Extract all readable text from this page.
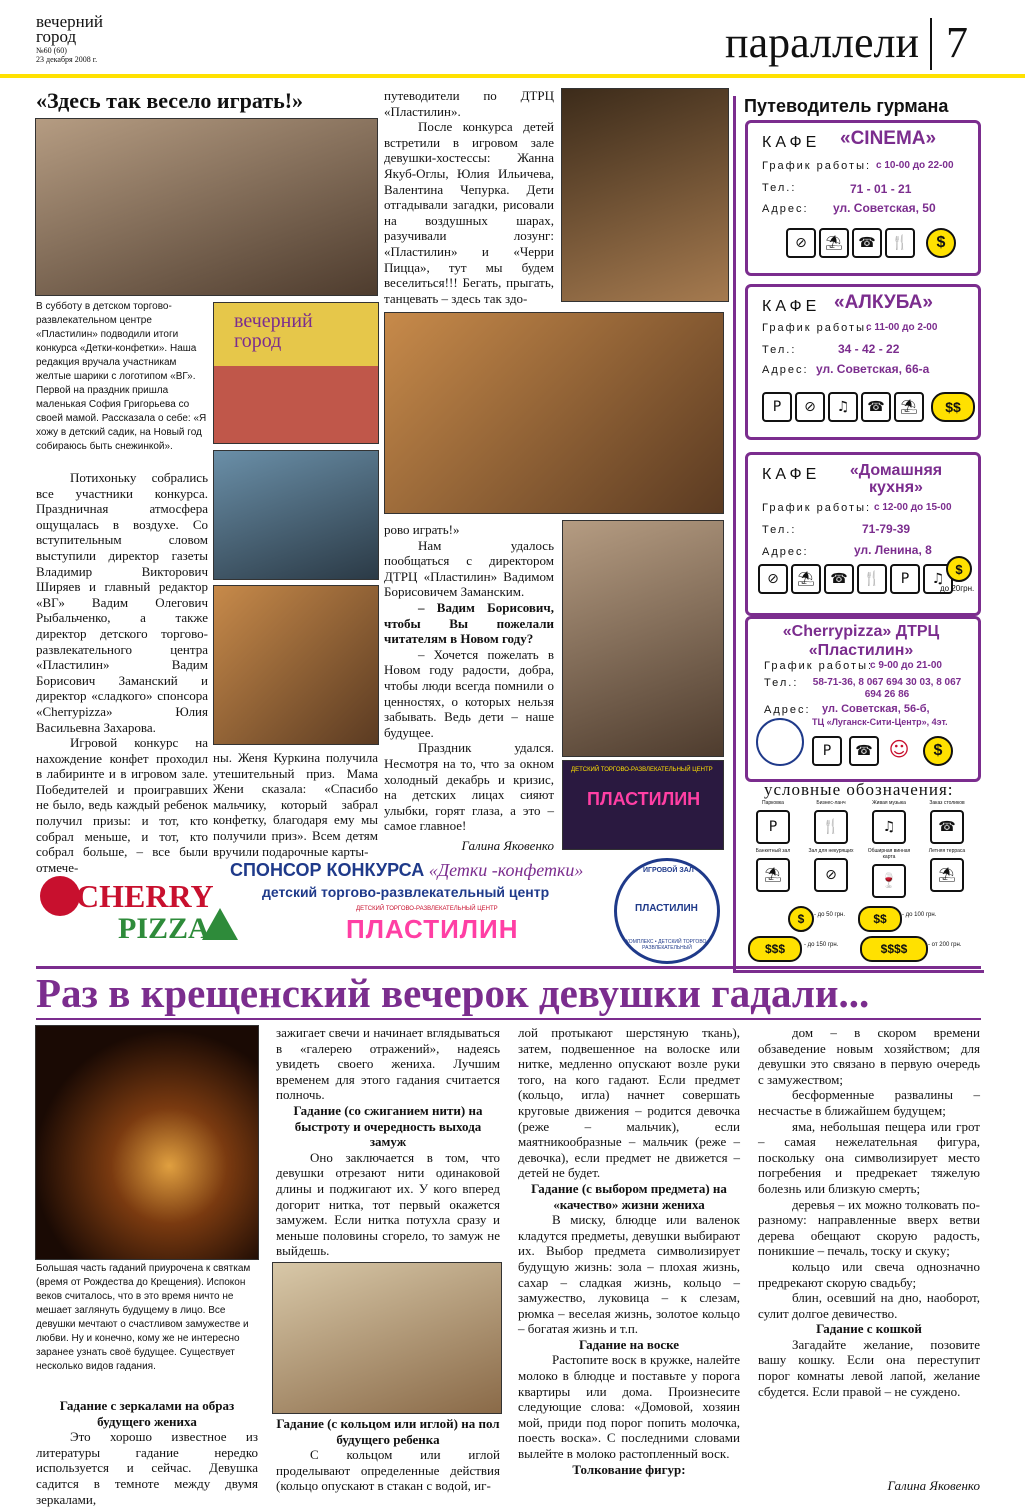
вечерний
город
№60 (60)
23 декабря 2008 г.	параллели 7
«Здесь так весело играть!»
вечерний город
ДЕТСКИЙ ТОРГОВО-РАЗВЛЕКАТЕЛЬНЫЙ ЦЕНТР
ПЛАСТИЛИН
В субботу в детском торгово-развлекательном центре «Пластилин» подводили итоги конкурса «Детки-конфетки». Наша редакция вручала участникам желтые шарики с логотипом «ВГ». Первой на праздник пришла маленькая София Григорьева со своей мамой. Рассказала о себе: «Я хожу в детский садик, на Новый год собираюсь быть снежинкой».

Потихоньку собрались все участники конкурса. Праздничная атмосфера ощущалась в воздухе. Со вступительным словом выступили директор газеты Владимир Викторович Ширяев и главный редактор «ВГ» Вадим Олегович Рыбальченко, а также директор детского торгово-развлекательного центра «Пластилин» Вадим Борисович Заманский и директор «сладкого» спонсора «Cherrypizza» Юлия Васильевна Захарова.

Игровой конкурс на нахождение конфет проходил в лабиринте и в игровом зале. Победителей и проигравших не было, ведь каждый ребенок получил призы: и тот, кто собрал меньше, и тот, кто собрал больше, – все были отмече-

ны. Женя Куркина получила утешительный приз. Мама Жени сказала: «Спасибо мальчику, который забрал конфетку, благодаря ему мы получили приз». Всем детям вручили подарочные карты-

путеводители по ДТРЦ «Пластилин».

После конкурса детей встретили в игровом зале девушки-хостессы: Жанна Якуб-Оглы, Юлия Ильичева, Валентина Чепурка. Дети отгадывали загадки, рисовали на воздушных шарах, разучивали лозунг: «Пластилин» и «Черри Пицца», тут мы будем веселиться!!! Бегать, прыгать, танцевать – здесь так здо-

рово играть!»

Нам удалось пообщаться с директором ДТРЦ «Пластилин» Вадимом Борисовичем Заманским.

– Вадим Борисович, чтобы Вы пожелали читателям в Новом году?

– Хочется пожелать в Новом году радости, добра, чтобы люди всегда помнили о ценностях, о которых нельзя забывать. Ведь дети – наше будущее.

Праздник удался. Несмотря на то, что за окном холодный декабрь и кризис, на детских лицах сияют улыбки, горят глаза, а это – самое главное!

Галина Яковенко
CHERRY
PIZZA
СПОНСОР КОНКУРСА «Детки -конфетки»
детский торгово-развлекательный центр
ДЕТСКИЙ ТОРГОВО-РАЗВЛЕКАТЕЛЬНЫЙ ЦЕНТР
ПЛАСТИЛИН
ИГРОВОЙ ЗАЛ
ПЛАСТИЛИН
КОМПЛЕКС • ДЕТСКИЙ ТОРГОВО-РАЗВЛЕКАТЕЛЬНЫЙ
Путеводитель гурмана
КАФЕ «CINEMA»
График работы: с 10-00 до 22-00
Тел.:	71 - 01 - 21
Адрес: ул. Советская, 50
⊘	⛱	☎	🍴	$
КАФЕ «АЛКУБА»
График работы:
с 11-00 до 2-00
Тел.:	34 - 42 - 22
Адрес: ул. Советская, 66-а
P	⊘	♫	☎	⛱	$$
КАФЕ	«Домашняя кухня»
График работы: с 12-00 до 15-00
Тел.:	71-79-39
Адрес:	ул. Ленина, 8
⊘	⛱	☎	🍴	P	♫
$
до 20грн.
«Cherrypizza» ДТРЦ «Пластилин»
График работы:
с 9-00 до 21-00
Тел.: 58-71-36, 8 067 694 30 03, 8 067 694 26 86
Адрес: ул. Советская, 56-б,
ТЦ «Луганск-Сити-Центр», 4эт.
P	☎ ☺	$
условные обозначения:
Парковка
P
Бизнес-ланч
🍴
Живая музыка
♫
Заказ столиков
☎
Банкетный зал
⛱
Зал для некурящих
⊘
Обширная винная карта
🍷
Летняя терраса
⛱
$	- до 50 грн.	$$	- до 100 грн.
$$$	- до 150 грн.	$$$$	- от 200 грн.
Раз в крещенский вечерок девушки гадали...
Большая часть гаданий приурочена к святкам (время от Рождества до Крещения). Испокон веков считалось, что в это время ничто не мешает заглянуть будущему в лицо. Все девушки мечтают о счастливом замужестве и любви. Ну и конечно, кому же не интересно заранее узнать своё будущее. Существует несколько видов гадания.
Гадание с зеркалами на образ будущего жениха

Это хорошо известное из литературы гадание нередко используется и сейчас. Девушка садится в темноте между двумя зеркалами,

зажигает свечи и начинает вглядываться в «галерею отражений», надеясь увидеть своего жениха. Лучшим временем для этого гадания считается полночь.

Гадание (со сжиганием нити) на быстроту и очередность выхода замуж

Оно заключается в том, что девушки отрезают нити одинаковой длины и поджигают их. У кого вперед догорит нитка, тот первый окажется замужем. Если нитка потухла сразу и меньше половины сгорело, то замуж не выйдешь.

Гадание (с кольцом или иглой) на пол будущего ребенка

С кольцом или иглой проделывают определенные действия (кольцо опускают в стакан с водой, иг-

лой протыкают шерстяную ткань), затем, подвешенное на волоске или нитке, медленно опускают возле руки того, на кого гадают. Если предмет (кольцо, игла) начнет совершать круговые движения – родится девочка (реже – мальчик), если маятникообразные – мальчик (реже – девочка), если предмет не движется – детей не будет.

Гадание (с выбором предмета) на «качество» жизни жениха

В миску, блюдце или валенок кладутся предметы, девушки выбирают их. Выбор предмета символизирует будущую жизнь: зола – плохая жизнь, сахар – сладкая жизнь, кольцо – замужество, луковица – к слезам, рюмка – веселая жизнь, золотое кольцо – богатая жизнь и т.п.

Гадание на воске

Растопите воск в кружке, налейте молоко в блюдце и поставьте у порога квартиры или дома. Произнесите следующие слова: «Домовой, хозяин мой, приди под порог попить молочка, поесть воска». С последними словами вылейте в молоко растопленный воск.

Толкование фигур:

дом – в скором времени обзаведение новым хозяйством; для девушки это связано в первую очередь с замужеством;

бесформенные развалины – несчастье в ближайшем будущем;

яма, небольшая пещера или грот – самая нежелательная фигура, поскольку она символизирует место погребения и предрекает тяжелую болезнь или близкую смерть;

деревья – их можно толковать по-разному: направленные вверх ветви дерева обещают скорую радость, поникшие – печаль, тоску и скуку;

кольцо или свеча однозначно предрекают скорую свадьбу;

блин, осевший на дно, наоборот, сулит долгое девичество.

Гадание с кошкой

Загадайте желание, позовите вашу кошку. Если она переступит порог комнаты левой лапой, желание сбудется. Если правой – не суждено.

Галина Яковенко
